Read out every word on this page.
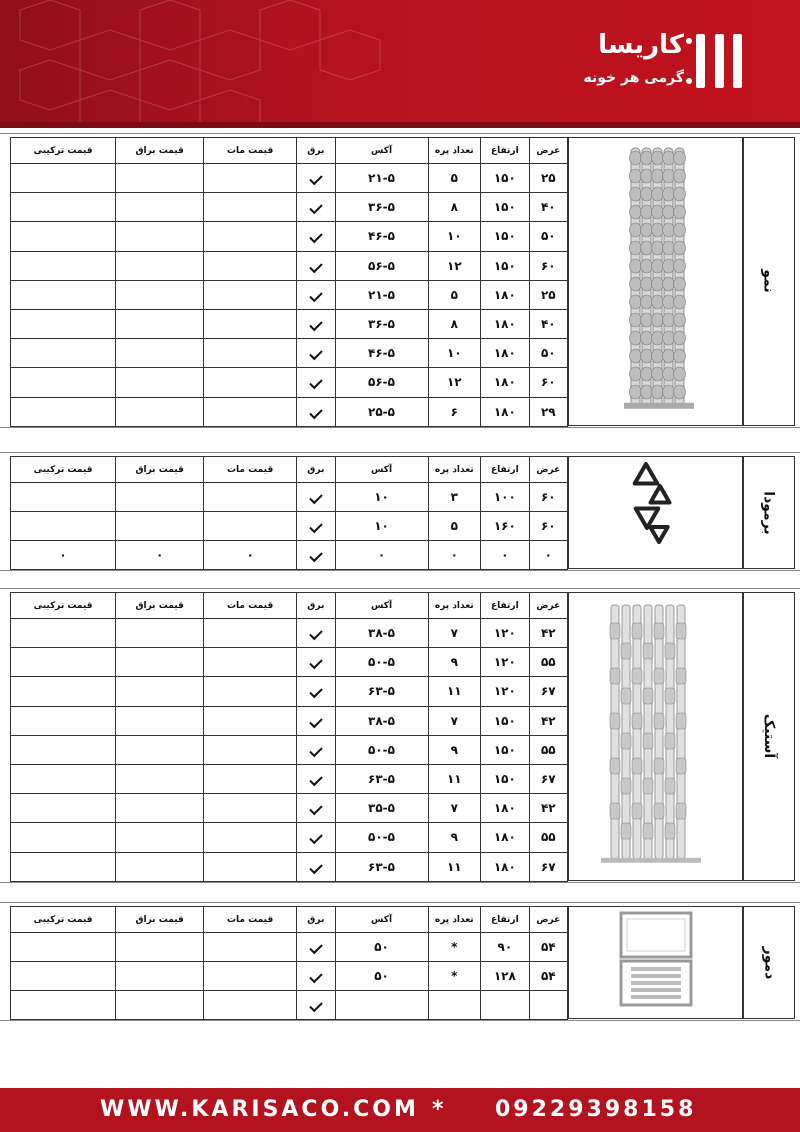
کاریسا
گرمی هر خونه
عرض	ارتفاع	تعداد پره	آکس	برق	قیمت مات	قیمت براق	قیمت ترکیبی
۲۵	۱۵۰	۵	۲۱-۵				
۴۰	۱۵۰	۸	۳۶-۵				
۵۰	۱۵۰	۱۰	۴۶-۵				
۶۰	۱۵۰	۱۲	۵۶-۵				
۲۵	۱۸۰	۵	۲۱-۵				
۴۰	۱۸۰	۸	۳۶-۵				
۵۰	۱۸۰	۱۰	۴۶-۵				
۶۰	۱۸۰	۱۲	۵۶-۵				
۲۹	۱۸۰	۶	۲۵-۵				
نمو
عرض	ارتفاع	تعداد پره	آکس	برق	قیمت مات	قیمت براق	قیمت ترکیبی
۶۰	۱۰۰	۳	۱۰				
۶۰	۱۶۰	۵	۱۰				
۰	۰	۰	۰		۰	۰	۰
برمودا
عرض	ارتفاع	تعداد پره	آکس	برق	قیمت مات	قیمت براق	قیمت ترکیبی
۴۲	۱۲۰	۷	۳۸-۵				
۵۵	۱۲۰	۹	۵۰-۵				
۶۷	۱۲۰	۱۱	۶۳-۵				
۴۲	۱۵۰	۷	۳۸-۵				
۵۵	۱۵۰	۹	۵۰-۵				
۶۷	۱۵۰	۱۱	۶۳-۵				
۴۲	۱۸۰	۷	۳۵-۵				
۵۵	۱۸۰	۹	۵۰-۵				
۶۷	۱۸۰	۱۱	۶۳-۵				
آستیک
عرض	ارتفاع	تعداد پره	آکس	برق	قیمت مات	قیمت براق	قیمت ترکیبی
۵۴	۹۰	*	۵۰				
۵۴	۱۲۸	*	۵۰				
								دمور
WWW.KARISACO.COM * 09229398158
